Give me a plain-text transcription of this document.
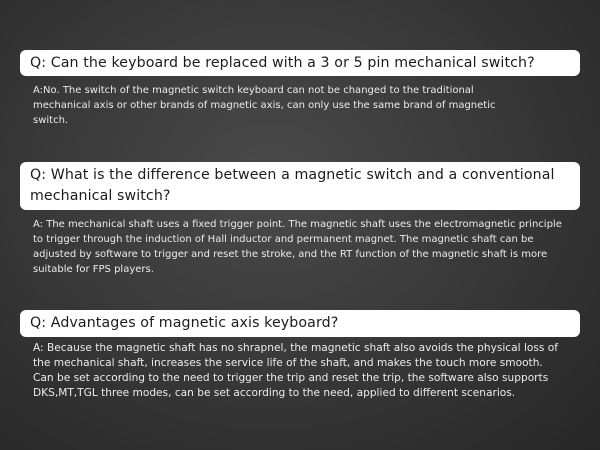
Q: Can the keyboard be replaced with a 3 or 5 pin mechanical switch?

A:No. The switch of the magnetic switch keyboard can not be changed to the traditional mechanical axis or other brands of magnetic axis, can only use the same brand of magnetic switch.

Q: What is the difference between a magnetic switch and a conventional mechanical switch?

A: The mechanical shaft uses a fixed trigger point. The magnetic shaft uses the electromagnetic principle to trigger through the induction of Hall inductor and permanent magnet. The magnetic shaft can be adjusted by software to trigger and reset the stroke, and the RT function of the magnetic shaft is more suitable for FPS players.

Q: Advantages of magnetic axis keyboard?

A: Because the magnetic shaft has no shrapnel, the magnetic shaft also avoids the physical loss of the mechanical shaft, increases the service life of the shaft, and makes the touch more smooth. Can be set according to the need to trigger the trip and reset the trip, the software also supports DKS,MT,TGL three modes, can be set according to the need, applied to different scenarios.
